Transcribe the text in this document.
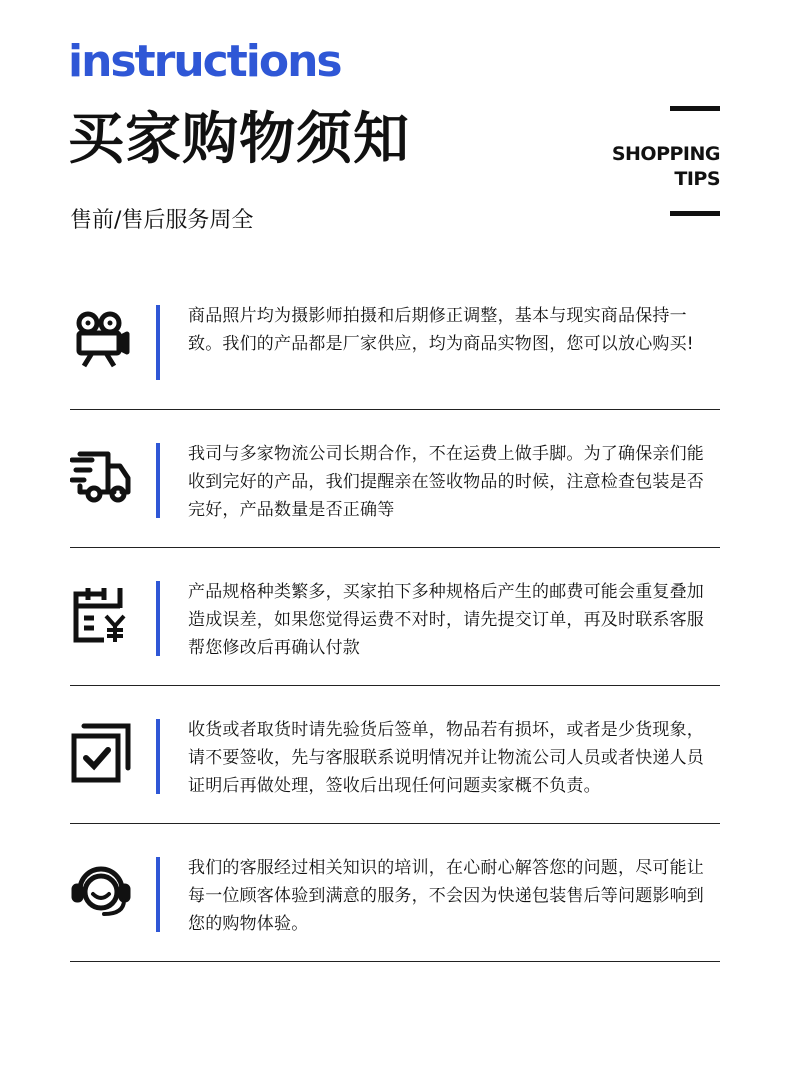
instructions
买家购物须知
售前/售后服务周全
SHOPPING
TIPS
商品照片均为摄影师拍摄和后期修正调整，基本与现实商品保持一致。我们的产品都是厂家供应，均为商品实物图，您可以放心购买!
我司与多家物流公司长期合作，不在运费上做手脚。为了确保亲们能收到完好的产品，我们提醒亲在签收物品的时候，注意检查包装是否完好，产品数量是否正确等
产品规格种类繁多，买家拍下多种规格后产生的邮费可能会重复叠加造成误差，如果您觉得运费不对时，请先提交订单，再及时联系客服帮您修改后再确认付款
收货或者取货时请先验货后签单，物品若有损坏，或者是少货现象，请不要签收，先与客服联系说明情况并让物流公司人员或者快递人员证明后再做处理，签收后出现任何问题卖家概不负责。
我们的客服经过相关知识的培训，在心耐心解答您的问题，尽可能让每一位顾客体验到满意的服务，不会因为快递包装售后等问题影响到您的购物体验。
